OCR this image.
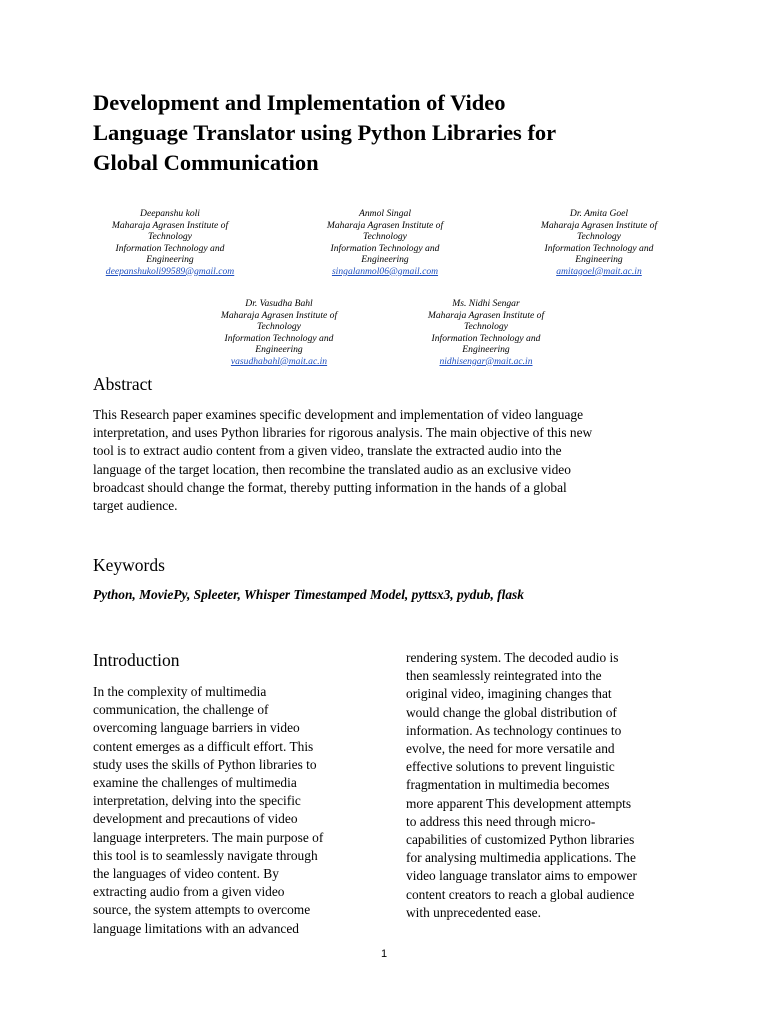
Development and Implementation of Video
Language Translator using Python Libraries for
Global Communication
Deepanshu koli
Maharaja Agrasen Institute of
Technology
Information Technology and
Engineering
deepanshukoli99589@gmail.com
Anmol Singal
Maharaja Agrasen Institute of
Technology
Information Technology and
Engineering
singalanmol06@gmail.com
Dr. Amita Goel
Maharaja Agrasen Institute of
Technology
Information Technology and
Engineering
amitagoel@mait.ac.in
Dr. Vasudha Bahl
Maharaja Agrasen Institute of
Technology
Information Technology and
Engineering
vasudhabahl@mait.ac.in
Ms. Nidhi Sengar
Maharaja Agrasen Institute of
Technology
Information Technology and
Engineering
nidhisengar@mait.ac.in
Abstract
This Research paper examines specific development and implementation of video language
interpretation, and uses Python libraries for rigorous analysis. The main objective of this new
tool is to extract audio content from a given video, translate the extracted audio into the
language of the target location, then recombine the translated audio as an exclusive video
broadcast should change the format, thereby putting information in the hands of a global
target audience.
Keywords
Python, MoviePy, Spleeter, Whisper Timestamped Model, pyttsx3, pydub, flask
Introduction
In the complexity of multimedia
communication, the challenge of
overcoming language barriers in video
content emerges as a difficult effort. This
study uses the skills of Python libraries to
examine the challenges of multimedia
interpretation, delving into the specific
development and precautions of video
language interpreters. The main purpose of
this tool is to seamlessly navigate through
the languages of video content. By
extracting audio from a given video
source, the system attempts to overcome
language limitations with an advanced
rendering system. The decoded audio is
then seamlessly reintegrated into the
original video, imagining changes that
would change the global distribution of
information. As technology continues to
evolve, the need for more versatile and
effective solutions to prevent linguistic
fragmentation in multimedia becomes
more apparent This development attempts
to address this need through micro-
capabilities of customized Python libraries
for analysing multimedia applications. The
video language translator aims to empower
content creators to reach a global audience
with unprecedented ease.
1
